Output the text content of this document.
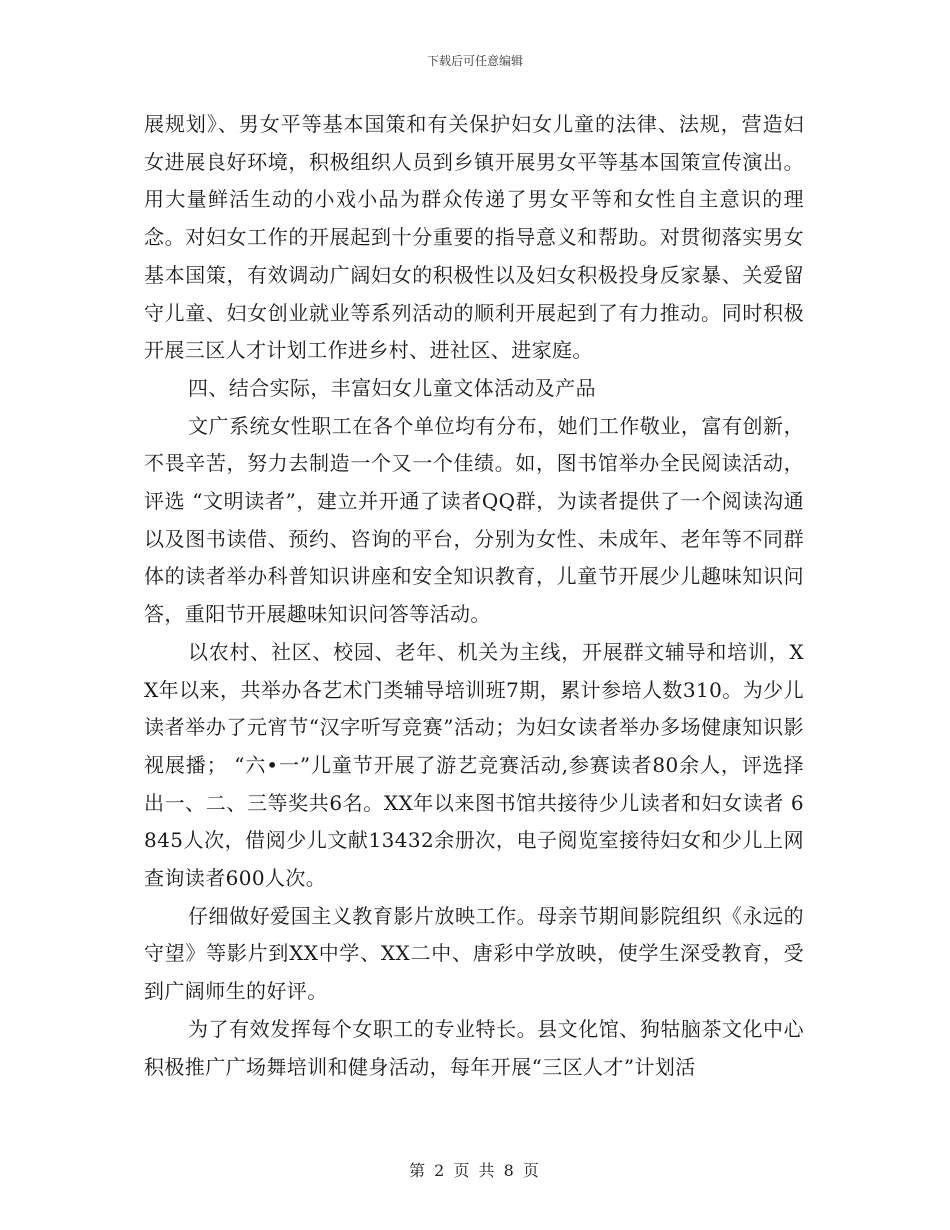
下载后可任意编辑

展规划》、男女平等基本国策和有关保护妇女儿童的法律、法规，营造妇女进展良好环境，积极组织人员到乡镇开展男女平等基本国策宣传演出。用大量鲜活生动的小戏小品为群众传递了男女平等和女性自主意识的理念。对妇女工作的开展起到十分重要的指导意义和帮助。对贯彻落实男女基本国策，有效调动广阔妇女的积极性以及妇女积极投身反家暴、关爱留守儿童、妇女创业就业等系列活动的顺利开展起到了有力推动。同时积极开展三区人才计划工作进乡村、进社区、进家庭。

四、结合实际，丰富妇女儿童文体活动及产品

文广系统女性职工在各个单位均有分布，她们工作敬业，富有创新，不畏辛苦，努力去制造一个又一个佳绩。如，图书馆举办全民阅读活动，评选 “文明读者”，建立并开通了读者QQ群，为读者提供了一个阅读沟通以及图书读借、预约、咨询的平台，分别为女性、未成年、老年等不同群体的读者举办科普知识讲座和安全知识教育，儿童节开展少儿趣味知识问答，重阳节开展趣味知识问答等活动。

以农村、社区、校园、老年、机关为主线，开展群文辅导和培训，XX年以来，共举办各艺术门类辅导培训班7期，累计参培人数310。为少儿读者举办了元宵节“汉字听写竞赛”活动；为妇女读者举办多场健康知识影视展播； “六•一”儿童节开展了游艺竞赛活动,参赛读者80余人，评选择出一、二、三等奖共6名。XX年以来图书馆共接待少儿读者和妇女读者 6845人次，借阅少儿文献13432余册次，电子阅览室接待妇女和少儿上网查询读者600人次。

仔细做好爱国主义教育影片放映工作。母亲节期间影院组织《永远的守望》等影片到XX中学、XX二中、唐彩中学放映，使学生深受教育，受到广阔师生的好评。

为了有效发挥每个女职工的专业特长。县文化馆、狗牯脑茶文化中心积极推广广场舞培训和健身活动，每年开展“三区人才”计划活

第 2 页 共 8 页
